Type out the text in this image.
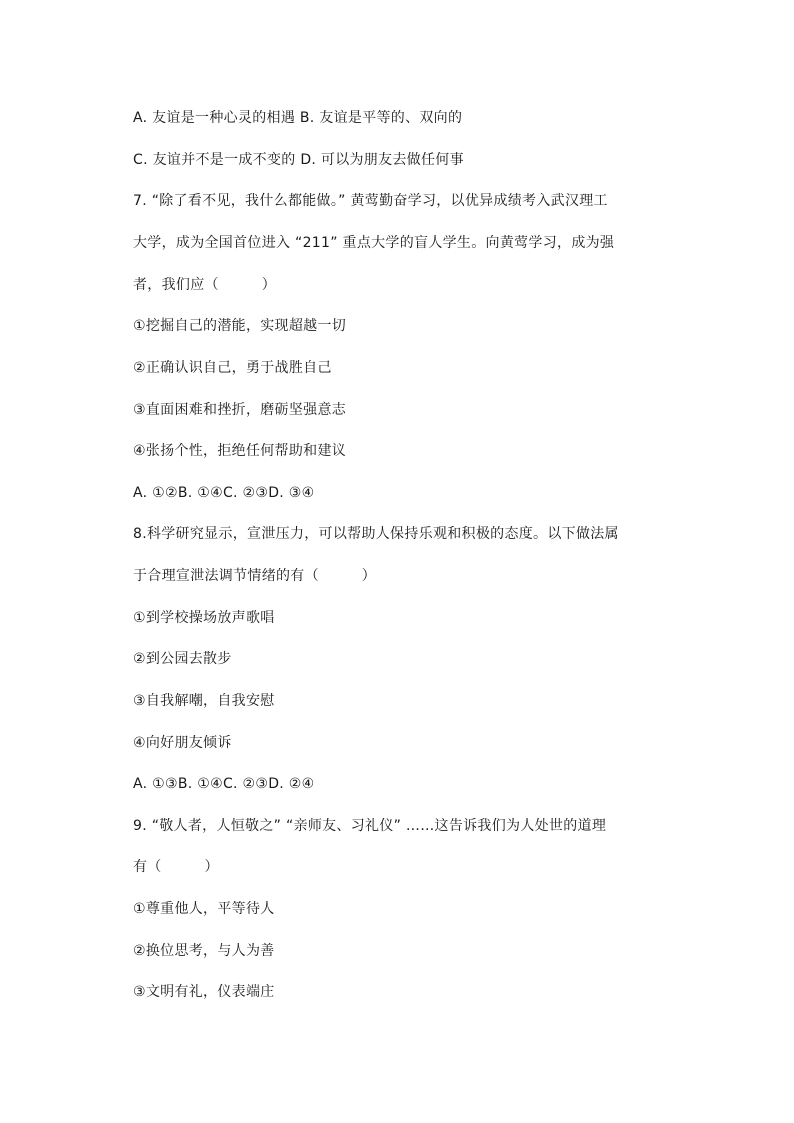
A. 友谊是一种心灵的相遇 B. 友谊是平等的、双向的
C. 友谊并不是一成不变的 D. 可以为朋友去做任何事
7. “除了看不见，我什么都能做。” 黄莺勤奋学习，以优异成绩考入武汉理工
大学，成为全国首位进入 “211” 重点大学的盲人学生。向黄莺学习，成为强
者，我们应（　　　）
①挖掘自己的潜能，实现超越一切
②正确认识自己，勇于战胜自己
③直面困难和挫折，磨砺坚强意志
④张扬个性，拒绝任何帮助和建议
A. ①②B. ①④C. ②③D. ③④
8.科学研究显示，宣泄压力，可以帮助人保持乐观和积极的态度。以下做法属
于合理宣泄法调节情绪的有（　　　）
①到学校操场放声歌唱
②到公园去散步
③自我解嘲，自我安慰
④向好朋友倾诉
A. ①③B. ①④C. ②③D. ②④
9. “敬人者，人恒敬之” “亲师友、习礼仪” ……这告诉我们为人处世的道理
有（　　　）
①尊重他人，平等待人
②换位思考，与人为善
③文明有礼，仪表端庄
